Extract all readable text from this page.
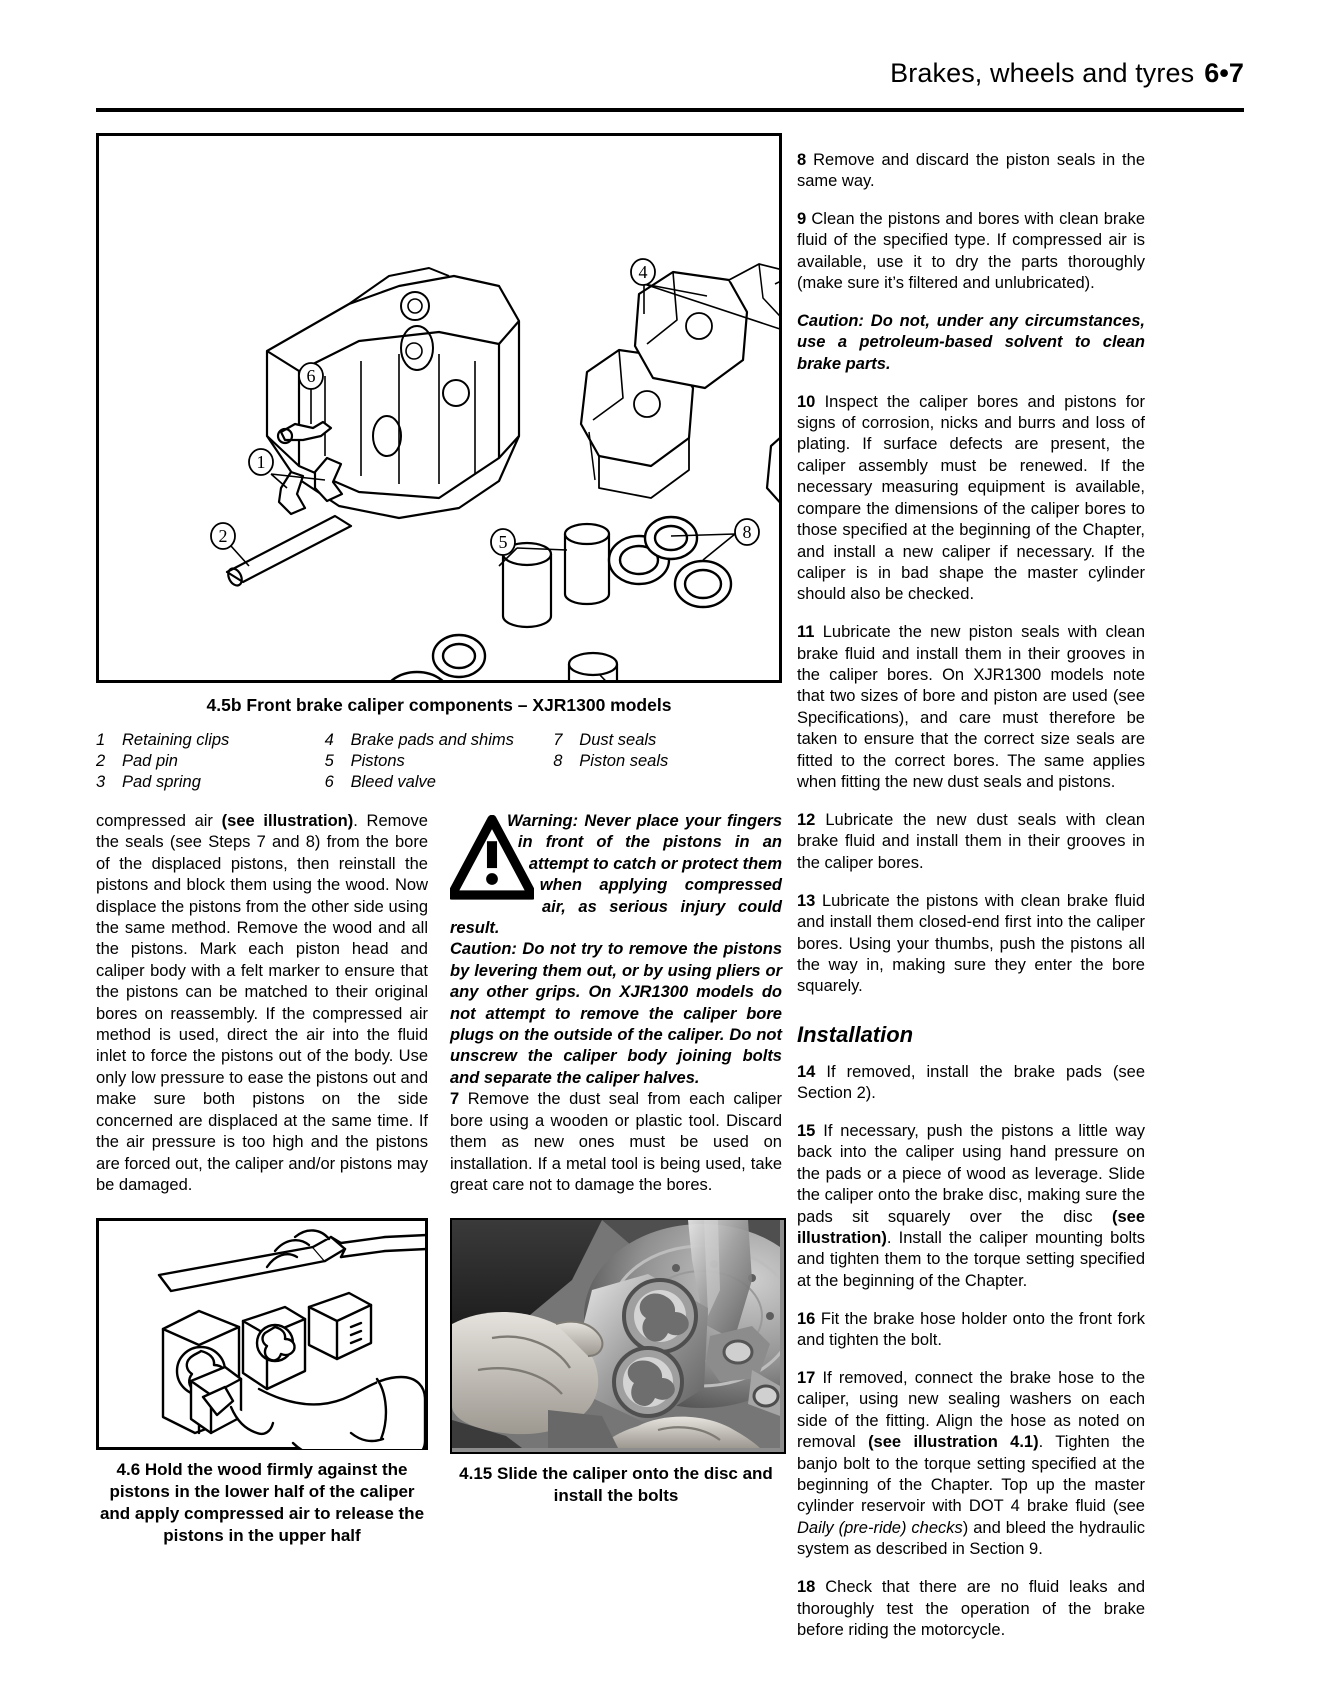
Brakes, wheels and tyres 6•7
4
6
1
2	5	8
4.5b Front brake caliper components – XJR1300 models
1	Retaining clips
2	Pad pin
3	Pad spring
4	Brake pads and shims
5	Pistons
6	Bleed valve
7	Dust seals
8	Piston seals

compressed air (see illustration). Remove the seals (see Steps 7 and 8) from the bore of the displaced pistons, then reinstall the pistons and block them using the wood. Now displace the pistons from the other side using the same method. Remove the wood and all the pistons. Mark each piston head and caliper body with a felt marker to ensure that the pistons can be matched to their original bores on reassembly. If the compressed air method is used, direct the air into the fluid inlet to force the pistons out of the body. Use only low pressure to ease the pistons out and make sure both pistons on the side concerned are displaced at the same time. If the air pressure is too high and the pistons are forced out, the caliper and/or pistons may be damaged.

Warning: Never place your fingers in front of the pistons in an attempt to catch or protect them when applying compressed air, as serious injury could result.

Caution: Do not try to remove the pistons by levering them out, or by using pliers or any other grips. On XJR1300 models do not attempt to remove the caliper bore plugs on the outside of the caliper. Do not unscrew the caliper body joining bolts and separate the caliper halves.

7 Remove the dust seal from each caliper bore using a wooden or plastic tool. Discard them as new ones must be used on installation. If a metal tool is being used, take great care not to damage the bores.

4.6 Hold the wood firmly against the pistons in the lower half of the caliper and apply compressed air to release the pistons in the upper half
4.15 Slide the caliper onto the disc and install the bolts

8 Remove and discard the piston seals in the same way.

9 Clean the pistons and bores with clean brake fluid of the specified type. If compressed air is available, use it to dry the parts thoroughly (make sure it’s filtered and unlubricated).

Caution: Do not, under any circumstances, use a petroleum-based solvent to clean brake parts.

10 Inspect the caliper bores and pistons for signs of corrosion, nicks and burrs and loss of plating. If surface defects are present, the caliper assembly must be renewed. If the necessary measuring equipment is available, compare the dimensions of the caliper bores to those specified at the beginning of the Chapter, and install a new caliper if necessary. If the caliper is in bad shape the master cylinder should also be checked.

11 Lubricate the new piston seals with clean brake fluid and install them in their grooves in the caliper bores. On XJR1300 models note that two sizes of bore and piston are used (see Specifications), and care must therefore be taken to ensure that the correct size seals are fitted to the correct bores. The same applies when fitting the new dust seals and pistons.

12 Lubricate the new dust seals with clean brake fluid and install them in their grooves in the caliper bores.

13 Lubricate the pistons with clean brake fluid and install them closed-end first into the caliper bores. Using your thumbs, push the pistons all the way in, making sure they enter the bore squarely.

Installation

14 If removed, install the brake pads (see Section 2).

15 If necessary, push the pistons a little way back into the caliper using hand pressure on the pads or a piece of wood as leverage. Slide the caliper onto the brake disc, making sure the pads sit squarely over the disc (see illustration). Install the caliper mounting bolts and tighten them to the torque setting specified at the beginning of the Chapter.

16 Fit the brake hose holder onto the front fork and tighten the bolt.

17 If removed, connect the brake hose to the caliper, using new sealing washers on each side of the fitting. Align the hose as noted on removal (see illustration 4.1). Tighten the banjo bolt to the torque setting specified at the beginning of the Chapter. Top up the master cylinder reservoir with DOT 4 brake fluid (see Daily (pre-ride) checks) and bleed the hydraulic system as described in Section 9.

18 Check that there are no fluid leaks and thoroughly test the operation of the brake before riding the motorcycle.
